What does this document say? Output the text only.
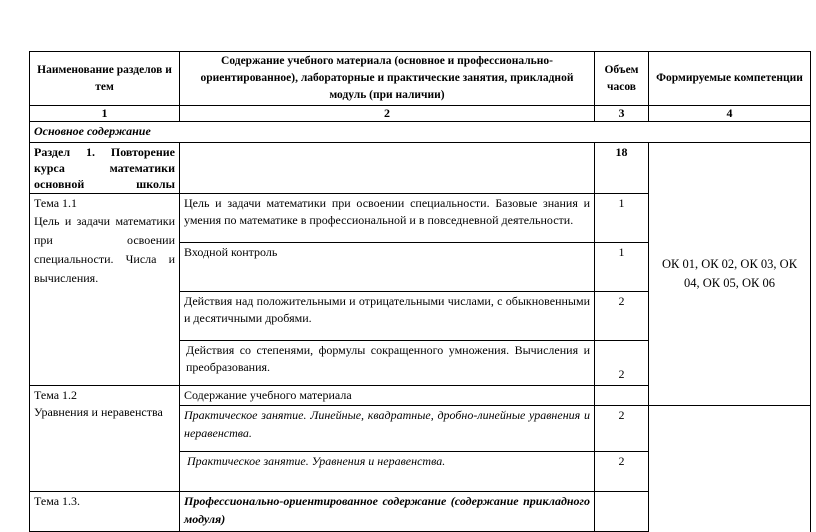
Наименование разделов и тем	Содержание учебного материала (основное и профессионально-ориентированное), лабораторные и практические занятия, прикладной модуль (при наличии)	Объем часов	Формируемые компетенции	
1	2	3	4	
Основное содержание				
Раздел 1. Повторение курса математики основной школы		18	ОК 01, ОК 02, ОК 03, ОК 04, ОК 05, ОК 06	

Тема 1.1
Цель и задачи математики при освоении специальности. Числа и вычисления.	Цель и задачи математики при освоении специальности. Базовые знания и умения по математике в профессиональной и в повседневной деятельности.	1		
	Входной контроль	1		
	Действия над положительными и отрицательными числами, с обыкновенными и десятичными дробями.	2		
	Действия со степенями, формулы сокращенного умножения. Вычисления и преобразования.	2		

Тема 1.2
Уравнения и неравенства	Содержание учебного материала			
	Практическое занятие. Линейные, квадратные, дробно-линейные уравнения и неравенства.	2		
	Практическое занятие. Уравнения и неравенства.	2		
Тема 1.3.	Профессионально-ориентированное содержание (содержание прикладного модуля)			
